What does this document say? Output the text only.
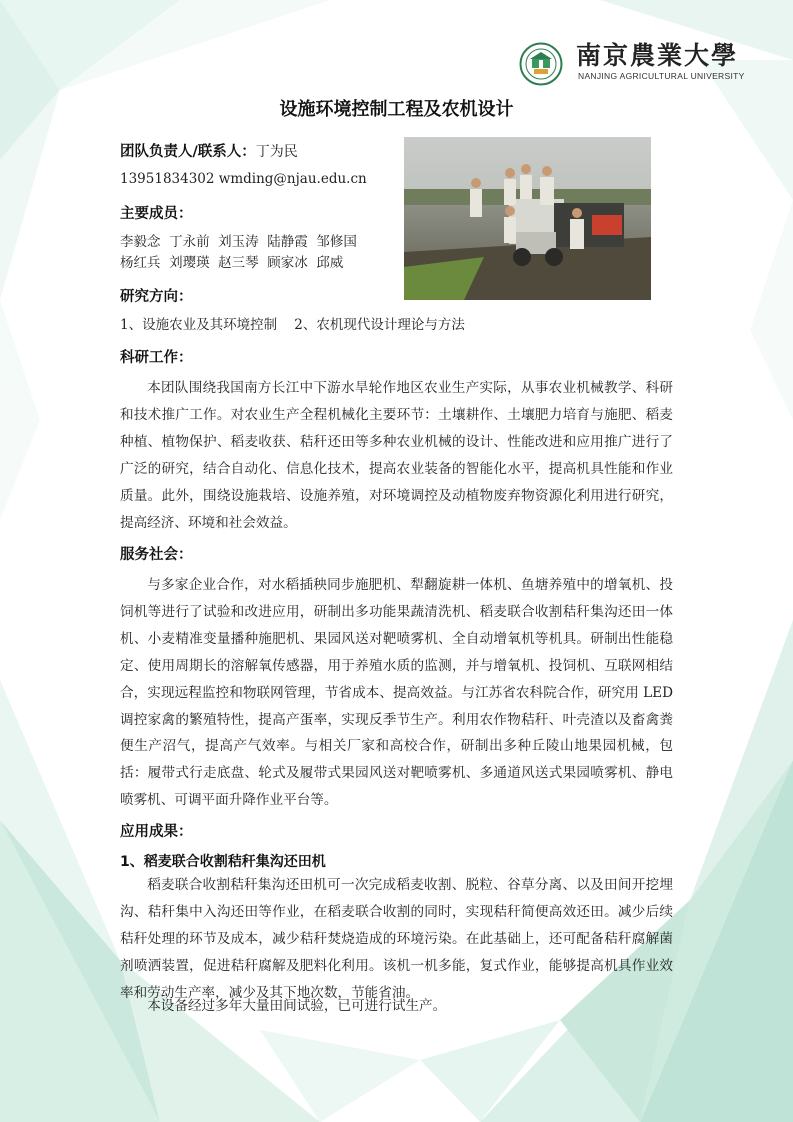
南京農業大學
NANJING AGRICULTURAL UNIVERSITY
设施环境控制工程及农机设计
团队负责人/联系人：丁为民
13951834302 wmding@njau.edu.cn
主要成员：
李毅念  丁永前  刘玉涛  陆静霞  邹修国
杨红兵  刘璎瑛  赵三琴  顾家冰  邱威
研究方向：
1、设施农业及其环境控制    2、农机现代设计理论与方法
科研工作：
本团队围绕我国南方长江中下游水旱轮作地区农业生产实际，从事农业机械教学、科研和技术推广工作。对农业生产全程机械化主要环节：土壤耕作、土壤肥力培育与施肥、稻麦种植、植物保护、稻麦收获、秸秆还田等多种农业机械的设计、性能改进和应用推广进行了广泛的研究，结合自动化、信息化技术，提高农业装备的智能化水平，提高机具性能和作业质量。此外，围绕设施栽培、设施养殖，对环境调控及动植物废弃物资源化利用进行研究，提高经济、环境和社会效益。
服务社会：
与多家企业合作，对水稻插秧同步施肥机、犁翻旋耕一体机、鱼塘养殖中的增氧机、投饲机等进行了试验和改进应用，研制出多功能果蔬清洗机、稻麦联合收割秸秆集沟还田一体机、小麦精准变量播种施肥机、果园风送对靶喷雾机、全自动增氧机等机具。研制出性能稳定、使用周期长的溶解氧传感器，用于养殖水质的监测，并与增氧机、投饲机、互联网相结合，实现远程监控和物联网管理，节省成本、提高效益。与江苏省农科院合作，研究用 LED 调控家禽的繁殖特性，提高产蛋率，实现反季节生产。利用农作物秸秆、叶壳渣以及畜禽粪便生产沼气，提高产气效率。与相关厂家和高校合作，研制出多种丘陵山地果园机械，包括：履带式行走底盘、轮式及履带式果园风送对靶喷雾机、多通道风送式果园喷雾机、静电喷雾机、可调平面升降作业平台等。
应用成果：
1、稻麦联合收割秸秆集沟还田机
稻麦联合收割秸秆集沟还田机可一次完成稻麦收割、脱粒、谷草分离、以及田间开挖埋沟、秸秆集中入沟还田等作业，在稻麦联合收割的同时，实现秸秆简便高效还田。减少后续秸秆处理的环节及成本，减少秸秆焚烧造成的环境污染。在此基础上，还可配备秸秆腐解菌剂喷洒装置，促进秸秆腐解及肥料化利用。该机一机多能，复式作业，能够提高机具作业效率和劳动生产率，减少及其下地次数，节能省油。
本设备经过多年大量田间试验，已可进行试生产。
